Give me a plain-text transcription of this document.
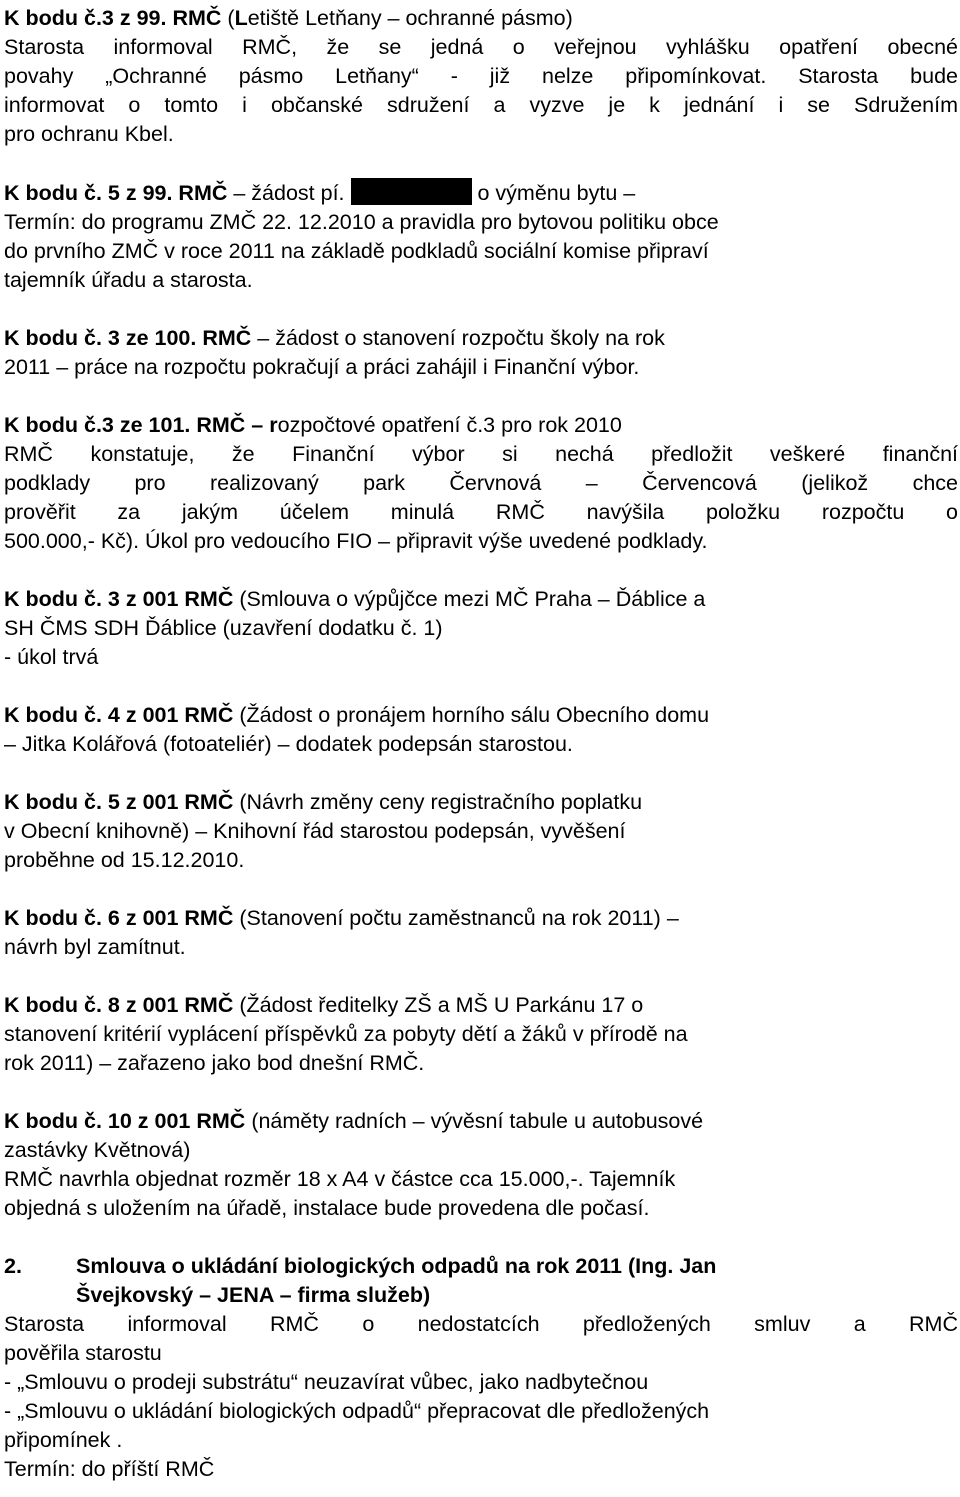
K bodu č.3 z 99. RMČ (Letiště Letňany – ochranné pásmo)
Starosta informoval RMČ, že se jedná o veřejnou vyhlášku opatření obecné
povahy „Ochranné pásmo Letňany“ - již nelze připomínkovat. Starosta bude
informovat o tomto i občanské sdružení a vyzve je k jednání i se Sdružením
pro ochranu Kbel.
K bodu č. 5 z 99. RMČ – žádost pí.	o výměnu bytu –
Termín: do programu ZMČ 22. 12.2010 a pravidla pro bytovou politiku obce
do prvního ZMČ v roce 2011 na základě podkladů sociální komise připraví
tajemník úřadu a starosta.
K bodu č. 3 ze 100. RMČ – žádost o stanovení rozpočtu školy na rok
2011 – práce na rozpočtu pokračují a práci zahájil i Finanční výbor.
K bodu č.3 ze 101. RMČ – rozpočtové opatření č.3 pro rok 2010
RMČ konstatuje, že Finanční výbor si nechá předložit veškeré finanční
podklady pro realizovaný park Červnová – Červencová (jelikož chce
prověřit za jakým účelem minulá RMČ navýšila položku rozpočtu o
500.000,- Kč). Úkol pro vedoucího FIO – připravit výše uvedené podklady.
K bodu č. 3 z 001 RMČ (Smlouva o výpůjčce mezi MČ Praha – Ďáblice a
SH ČMS SDH Ďáblice (uzavření dodatku č. 1)
- úkol trvá
K bodu č. 4 z 001 RMČ (Žádost o pronájem horního sálu Obecního domu
– Jitka Kolářová (fotoateliér) – dodatek podepsán starostou.
K bodu č. 5 z 001 RMČ (Návrh změny ceny registračního poplatku
v Obecní knihovně) – Knihovní řád starostou podepsán, vyvěšení
proběhne od 15.12.2010.
K bodu č. 6 z 001 RMČ (Stanovení počtu zaměstnanců na rok 2011) –
návrh byl zamítnut.
K bodu č. 8 z 001 RMČ (Žádost ředitelky ZŠ a MŠ U Parkánu 17 o
stanovení kritérií vyplácení příspěvků za pobyty dětí a žáků v přírodě na
rok 2011) – zařazeno jako bod dnešní RMČ.
K bodu č. 10 z 001 RMČ (náměty radních – vývěsní tabule u autobusové
zastávky Květnová)
RMČ navrhla objednat rozměr 18 x A4 v částce cca 15.000,-. Tajemník
objedná s uložením na úřadě, instalace bude provedena dle počasí.
2.	Smlouva o ukládání biologických odpadů na rok 2011 (Ing. Jan
Švejkovský – JENA – firma služeb)
Starosta informoval RMČ o nedostatcích předložených smluv a RMČ
pověřila starostu
- „Smlouvu o prodeji substrátu“ neuzavírat vůbec, jako nadbytečnou
- „Smlouvu o ukládání biologických odpadů“ přepracovat dle předložených
připomínek .
Termín: do příští RMČ
